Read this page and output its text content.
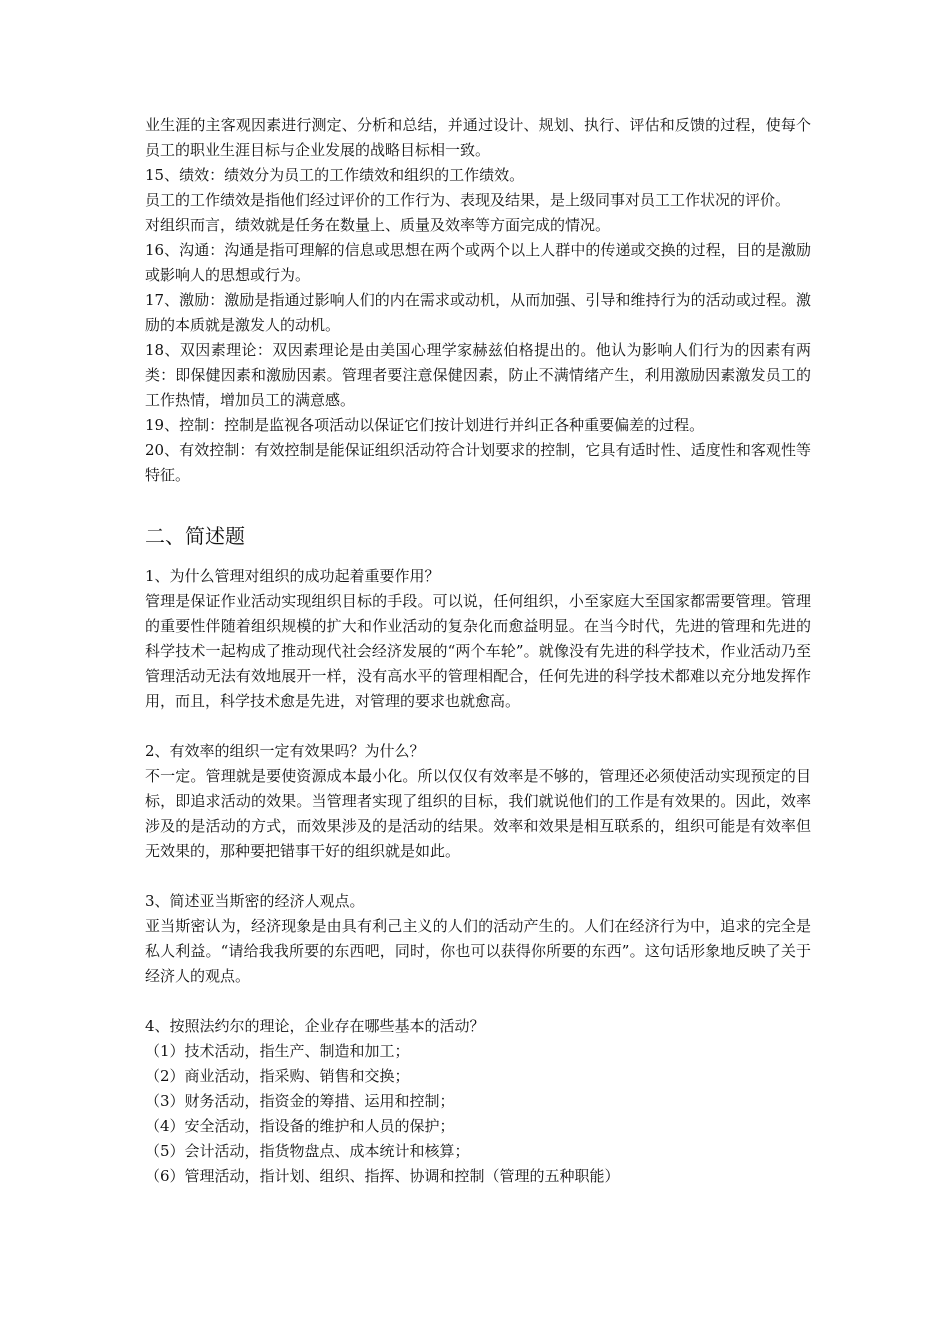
业生涯的主客观因素进行测定、分析和总结，并通过设计、规划、执行、评估和反馈的过程，使每个员工的职业生涯目标与企业发展的战略目标相一致。

15、绩效：绩效分为员工的工作绩效和组织的工作绩效。

员工的工作绩效是指他们经过评价的工作行为、表现及结果，是上级同事对员工工作状况的评价。

对组织而言，绩效就是任务在数量上、质量及效率等方面完成的情况。

16、沟通：沟通是指可理解的信息或思想在两个或两个以上人群中的传递或交换的过程，目的是激励或影响人的思想或行为。

17、激励：激励是指通过影响人们的内在需求或动机，从而加强、引导和维持行为的活动或过程。激励的本质就是激发人的动机。

18、双因素理论：双因素理论是由美国心理学家赫兹伯格提出的。他认为影响人们行为的因素有两类：即保健因素和激励因素。管理者要注意保健因素，防止不满情绪产生，利用激励因素激发员工的工作热情，增加员工的满意感。

19、控制：控制是监视各项活动以保证它们按计划进行并纠正各种重要偏差的过程。

20、有效控制：有效控制是能保证组织活动符合计划要求的控制，它具有适时性、适度性和客观性等特征。

二、简述题

1、为什么管理对组织的成功起着重要作用？

管理是保证作业活动实现组织目标的手段。可以说，任何组织，小至家庭大至国家都需要管理。管理的重要性伴随着组织规模的扩大和作业活动的复杂化而愈益明显。在当今时代，先进的管理和先进的科学技术一起构成了推动现代社会经济发展的“两个车轮”。就像没有先进的科学技术，作业活动乃至管理活动无法有效地展开一样，没有高水平的管理相配合，任何先进的科学技术都难以充分地发挥作用，而且，科学技术愈是先进，对管理的要求也就愈高。

2、有效率的组织一定有效果吗？为什么？

不一定。管理就是要使资源成本最小化。所以仅仅有效率是不够的，管理还必须使活动实现预定的目标，即追求活动的效果。当管理者实现了组织的目标，我们就说他们的工作是有效果的。因此，效率涉及的是活动的方式，而效果涉及的是活动的结果。效率和效果是相互联系的，组织可能是有效率但无效果的，那种要把错事干好的组织就是如此。

3、简述亚当斯密的经济人观点。

亚当斯密认为，经济现象是由具有利己主义的人们的活动产生的。人们在经济行为中，追求的完全是私人利益。“请给我我所要的东西吧，同时，你也可以获得你所要的东西”。这句话形象地反映了关于经济人的观点。

4、按照法约尔的理论，企业存在哪些基本的活动？

（1）技术活动，指生产、制造和加工；

（2）商业活动，指采购、销售和交换；

（3）财务活动，指资金的筹措、运用和控制；

（4）安全活动，指设备的维护和人员的保护；

（5）会计活动，指货物盘点、成本统计和核算；

（6）管理活动，指计划、组织、指挥、协调和控制（管理的五种职能）
